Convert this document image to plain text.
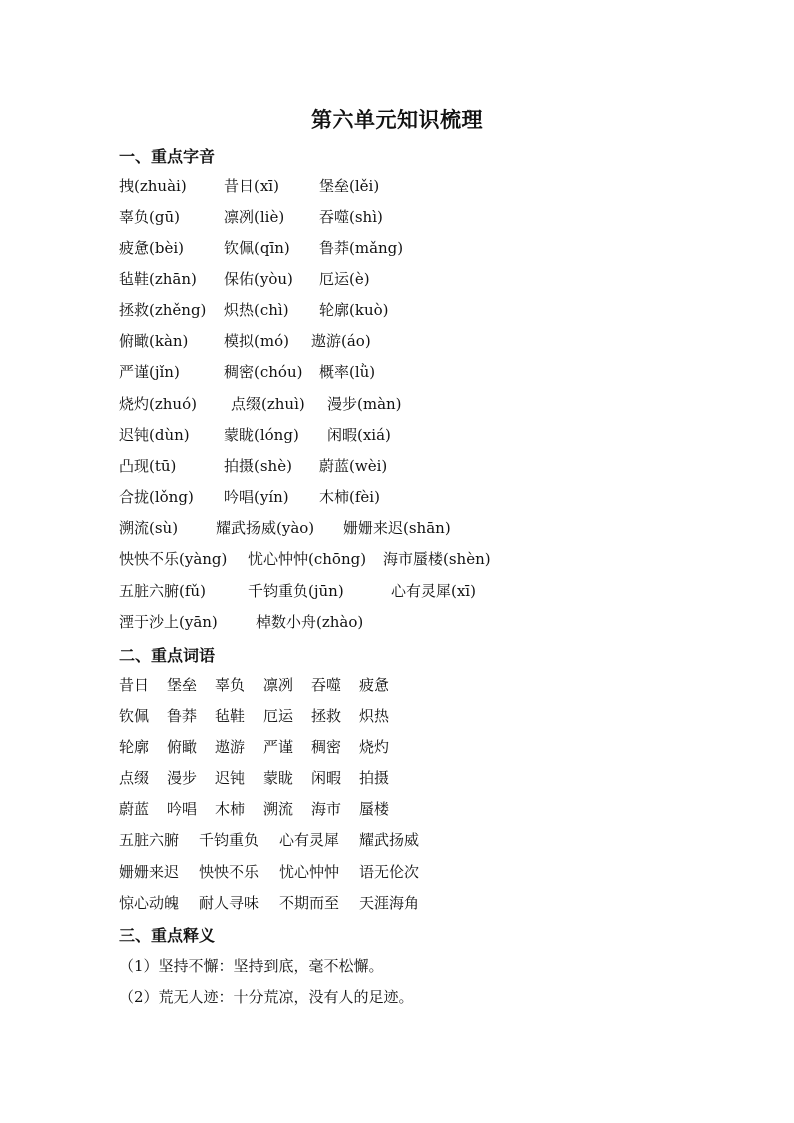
第六单元知识梳理
一、重点字音
拽(zhuài) 昔日(xī)	堡垒(lěi)
辜负(gū)	凛冽(liè) 吞噬(shì)
疲惫(bèi)	钦佩(qīn) 鲁莽(mǎng)
毡鞋(zhān) 保佑(yòu) 厄运(è)
拯救(zhěng) 炽热(chì) 轮廓(kuò)
俯瞰(kàn) 模拟(mó) 遨游(áo)
严谨(jǐn)	稠密(chóu) 概率(lǜ)
烧灼(zhuó) 点缀(zhuì) 漫步(màn)
迟钝(dùn) 蒙眬(lóng) 闲暇(xiá)
凸现(tū)	拍摄(shè) 蔚蓝(wèi)
合拢(lǒng) 吟唱(yín) 木柿(fèi)
溯流(sù)	耀武扬威(yào) 姗姗来迟(shān)
怏怏不乐(yàng) 忧心忡忡(chōng) 海市蜃楼(shèn)
五脏六腑(fǔ)	千钧重负(jūn)	心有灵犀(xī)
湮于沙上(yān)	棹数小舟(zhào)
二、重点词语
昔日 堡垒 辜负 凛冽 吞噬 疲惫
钦佩 鲁莽 毡鞋 厄运 拯救 炽热
轮廓 俯瞰 遨游 严谨 稠密 烧灼
点缀 漫步 迟钝 蒙眬 闲暇 拍摄
蔚蓝 吟唱 木柿 溯流 海市 蜃楼
五脏六腑 千钧重负 心有灵犀 耀武扬威
姗姗来迟 怏怏不乐 忧心忡忡 语无伦次
惊心动魄 耐人寻味 不期而至 天涯海角
三、重点释义
（1）坚持不懈：坚持到底，毫不松懈。
（2）荒无人迹：十分荒凉，没有人的足迹。
